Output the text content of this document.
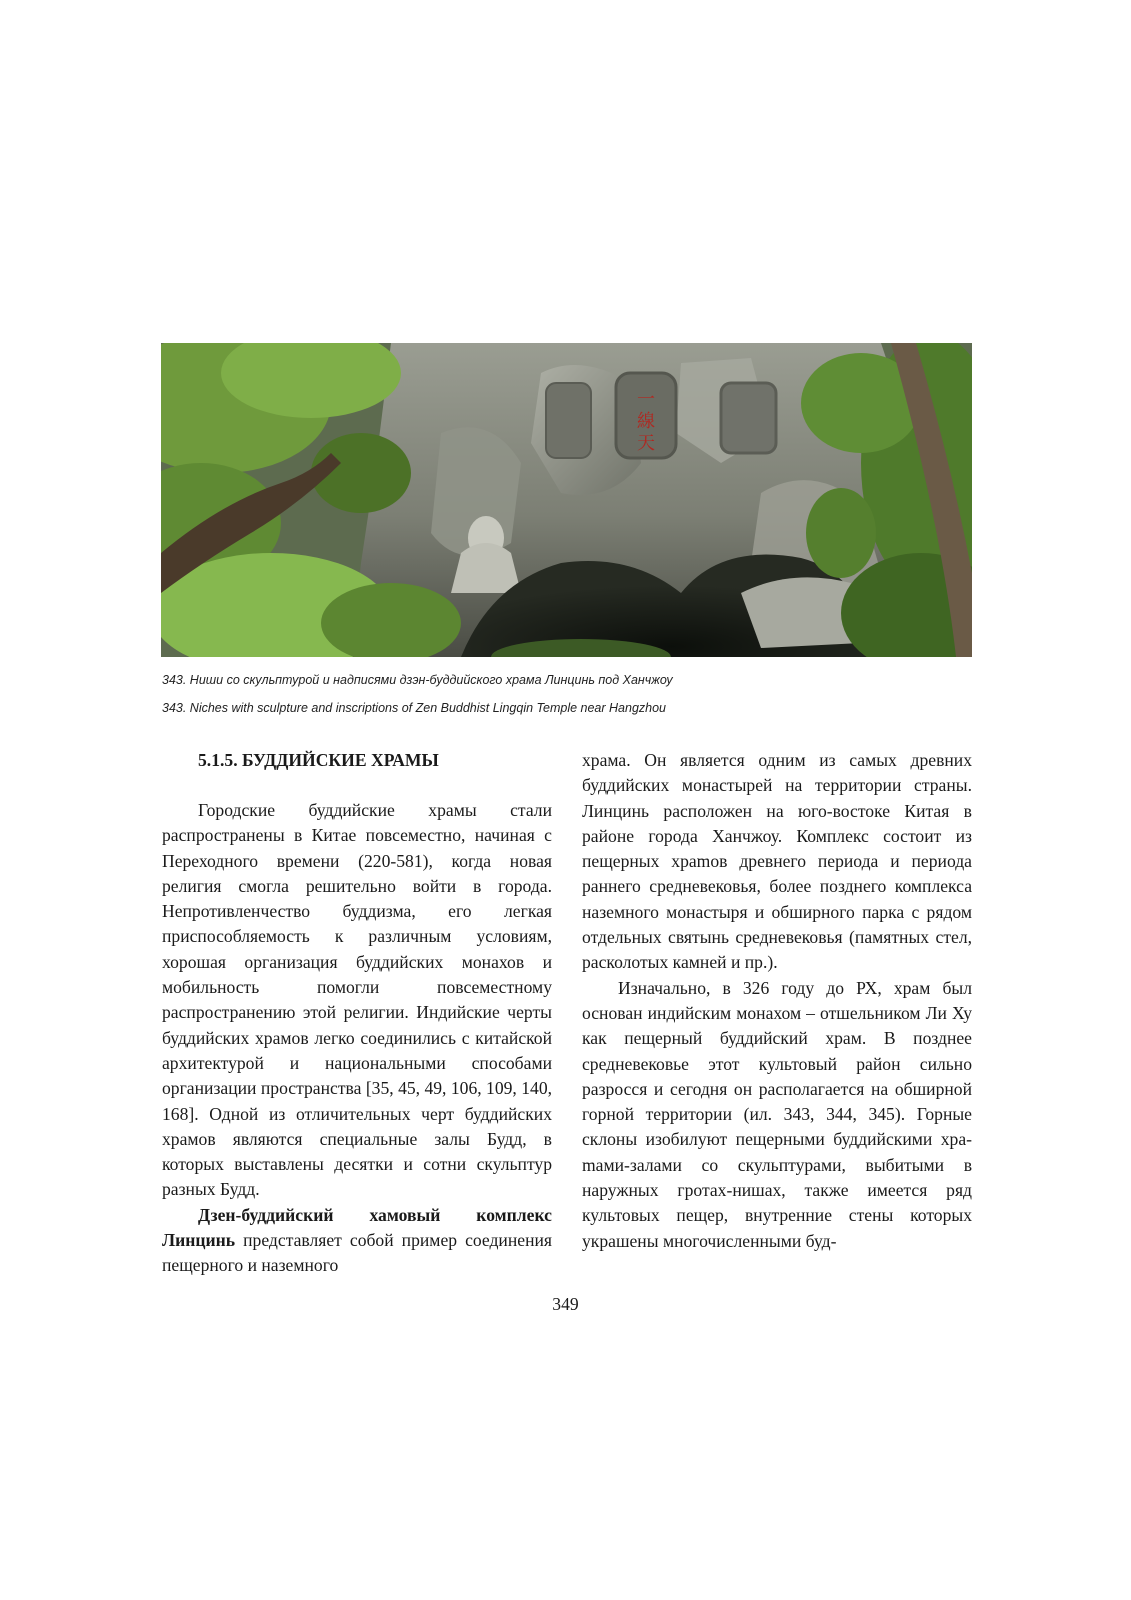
一
線
天
343. Ниши со скульптурой и надписями дзэн-буддийского храма Линцинь под Ханчжоу
343. Niches with sculpture and inscriptions of Zen Buddhist Lingqin Temple near Hangzhou

5.1.5. БУДДИЙСКИЕ ХРАМЫ

Городские буддийские храмы стали распространены в Китае повсеместно, начиная с Переходного времени (220-581), когда новая религия смогла решительно войти в города. Непротивленчество буддизма, его легкая приспособляемость к различным условиям, хорошая организация буддийских монахов и мобильность помогли повсеместному распространению этой религии. Индийские черты буддийских храмов легко соединились с китайской архитектурой и национальными способами организации пространства [35, 45, 49, 106, 109, 140, 168]. Одной из отличительных черт буддийских храмов являются специальные залы Будд, в которых выставлены десятки и сотни скульптур разных Будд.

Дзен-буддийский хамовый комплекс Линцинь представляет собой пример соединения пещерного и наземного

храма. Он является одним из самых древних буддийских монастырей на территории страны. Линцинь расположен на юго-востоке Китая в районе города Ханчжоу. Комплекс состоит из пещерных храmов древнего периода и периода раннего средневековья, более позднего комплекса наземного монастыря и обширного парка с рядом отдельных святынь средневековья (памятных стел, расколотых камней и пр.).

Изначально, в 326 году до РХ, храм был основан индийским монахом – отшельником Ли Ху как пещерный буддийский храм. В позднее средневековье этот культовый район сильно разросся и сегодня он располагается на обширной горной территории (ил. 343, 344, 345). Горные склоны изобилуют пещерными буддийскими храmами-залами со скульптурами, выбитыми в наружных гротах-нишах, также имеется ряд культовых пещер, внутренние стены которых украшены многочисленными буд-

349
